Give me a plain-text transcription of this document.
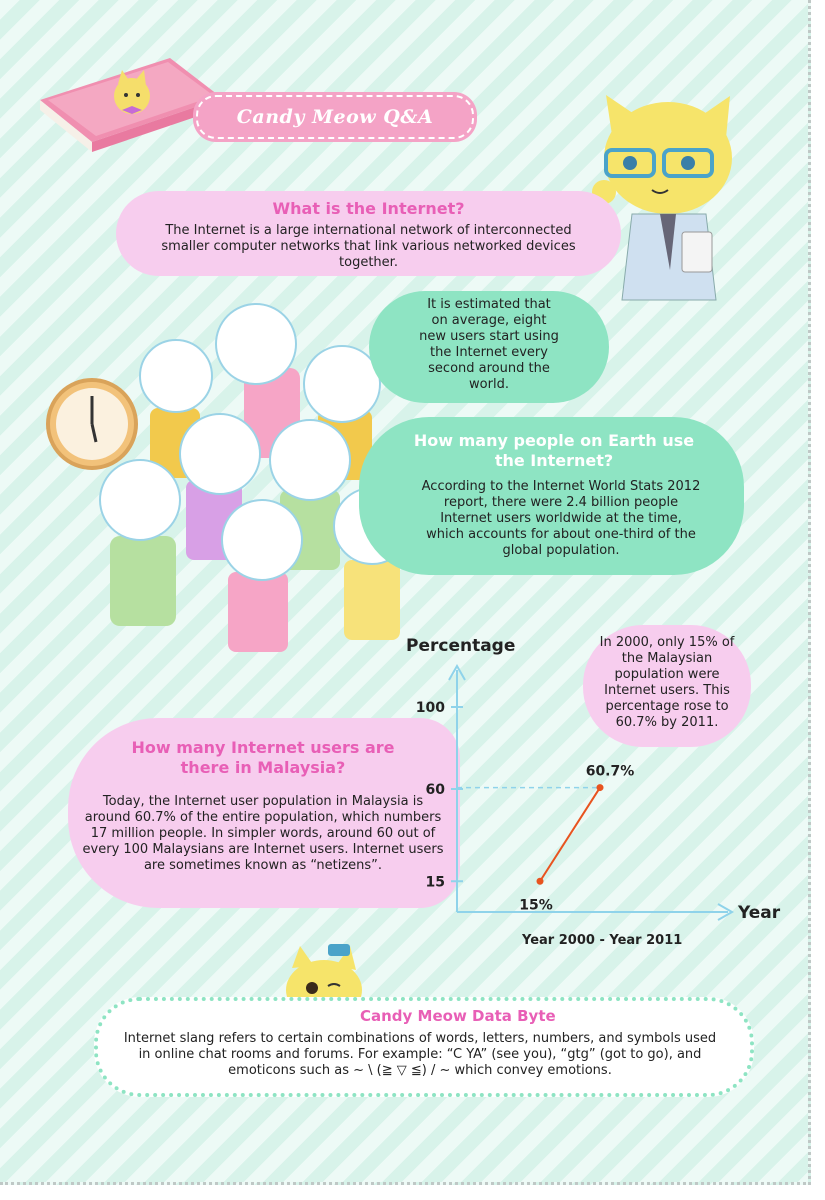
Candy Meow Q&A
What is the Internet?
The Internet is a large international network of interconnected smaller computer networks that link various networked devices together.
It is estimated that on average, eight new users start using the Internet every second around the world.
How many people on Earth use the Internet?
According to the Internet World Stats 2012 report, there were 2.4 billion people Internet users worldwide at the time, which accounts for about one-third of the global population.
How many Internet users are there in Malaysia?
Today, the Internet user population in Malaysia is around 60.7% of the entire population, which numbers 17 million people. In simpler words, around 60 out of every 100 Malaysians are Internet users. Internet users are sometimes known as “netizens”.
In 2000, only 15% of the Malaysian population were Internet users. This percentage rose to 60.7% by 2011.
Percentage
Year
Year 2000 - Year 2011
15
60
100
15%
60.7%
Candy Meow Data Byte
Internet slang refers to certain combinations of words, letters, numbers, and symbols used in online chat rooms and forums. For example: “C YA” (see you), “gtg” (got to go), and emoticons such as ~ \ (≧ ▽ ≦) / ~ which convey emotions.
